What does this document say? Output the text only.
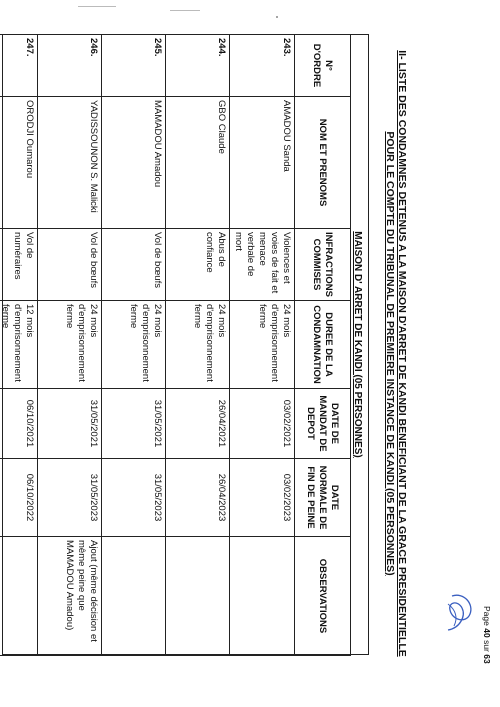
II- LISTE DES CONDAMNES DETENUS A LA MAISON D'ARRET DE KANDI BENEFICIANT DE LA GRACE PRESIDENTIELLE
POUR LE COMPTE DU TRIBUNAL DE PREMIERE INSTANCE DE KANDI (05 PERSONNES)
MAISON D' ARRET DE KANDI (05 PERSONNES)
N° D'ORDRE	NOM ET PRENOMS	INFRACTIONS COMMISES	DUREE DE LA CONDAMNATION	DATE DE MANDAT DE DEPOT	DATE NORMALE DE FIN DE PEINE	OBSERVATIONS
243.	AMADOU Sanda	Violences et voies de fait et menace verbale de mort	24 mois d'emprisonnement ferme	03/02/2021	03/02/2023	
244.	GBO Claude	Abus de confiance	24 mois d'emprisonnement ferme	26/04/2021	26/04/2023	
245.	MAMADOU Amadou	Vol de bœufs	24 mois d'emprisonnement ferme	31/05/2021	31/05/2023	
246.	YADISSOUNON S. Malicki	Vol de bœufs	24 mois d'emprisonnement ferme	31/05/2021	31/05/2023	Ajout (même décision et même peine que MAMADOU Amadou)
247.	ORODJI Oumarou	Vol de numéraires	12 mois d'emprisonnement ferme	06/10/2021	06/10/2022	
Page 40 sur 63
